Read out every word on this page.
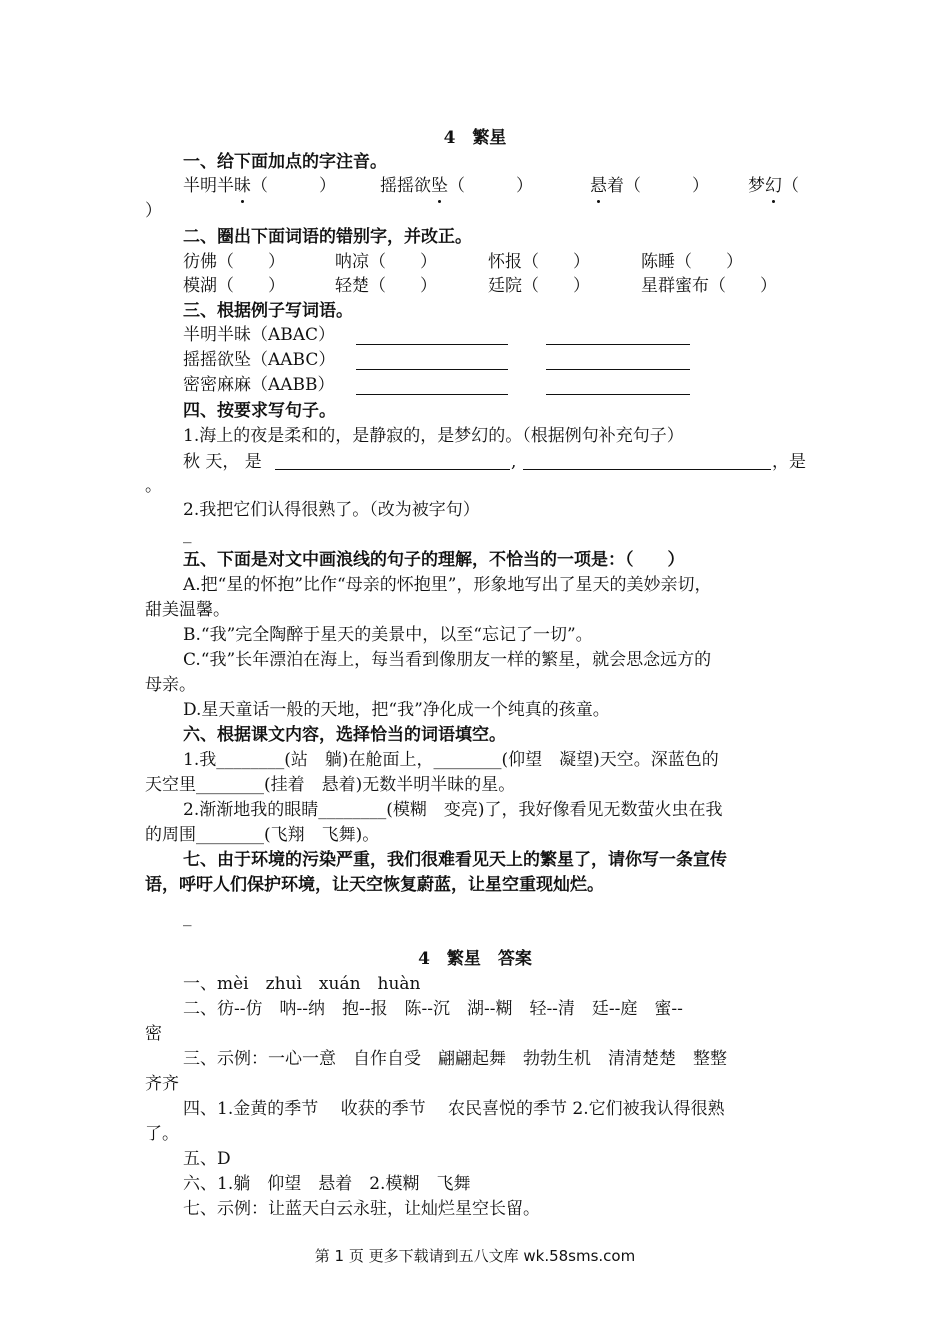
4　繁星
一、给下面加点的字注音。
半明半昧（　　　）	摇摇欲坠（　　　）	悬着（　　　） 梦幻（
）
二、圈出下面词语的错别字，并改正。
彷佛（　　）	呐凉（　　）	怀报（　　）	陈睡（　　）
模湖（　　）	轻楚（　　）	廷院（　　）	星群蜜布（　　）
三、根据例子写词语。
半明半昧（ABAC）
摇摇欲坠（AABC）
密密麻麻（AABB）
四、按要求写句子。
1.海上的夜是柔和的，是静寂的，是梦幻的。（根据例句补充句子）
秋 天， 是	,	，是
。
2.我把它们认得很熟了。（改为被字句）
_
五、下面是对文中画浪线的句子的理解，不恰当的一项是：（　　）
A.把“星的怀抱”比作“母亲的怀抱里”，形象地写出了星天的美妙亲切，
甜美温馨。
B.“我”完全陶醉于星天的美景中，以至“忘记了一切”。
C.“我”长年漂泊在海上，每当看到像朋友一样的繁星，就会思念远方的
母亲。
D.星天童话一般的天地，把“我”净化成一个纯真的孩童。
六、根据课文内容，选择恰当的词语填空。
1.我________(站　躺)在舱面上，________(仰望　凝望)天空。深蓝色的
天空里________(挂着　悬着)无数半明半昧的星。
2.渐渐地我的眼睛________(模糊　变亮)了，我好像看见无数萤火虫在我
的周围________(飞翔　飞舞)。
七、由于环境的污染严重，我们很难看见天上的繁星了，请你写一条宣传
语，呼吁人们保护环境，让天空恢复蔚蓝，让星空重现灿烂。
_
4　繁星　答案
一、mèi　zhuì　xuán　huàn
二、彷--仿　呐--纳　抱--报　陈--沉　湖--糊　轻--清　廷--庭　蜜--
密
三、示例：一心一意　自作自受　翩翩起舞　勃勃生机　清清楚楚　整整
齐齐
四、1.金黄的季节　 收获的季节　 农民喜悦的季节 2.它们被我认得很熟
了。
五、D
六、1.躺　仰望　悬着　2.模糊　飞舞
七、示例：让蓝天白云永驻，让灿烂星空长留。
第 1 页 更多下载请到五八文库 wk.58sms.com
